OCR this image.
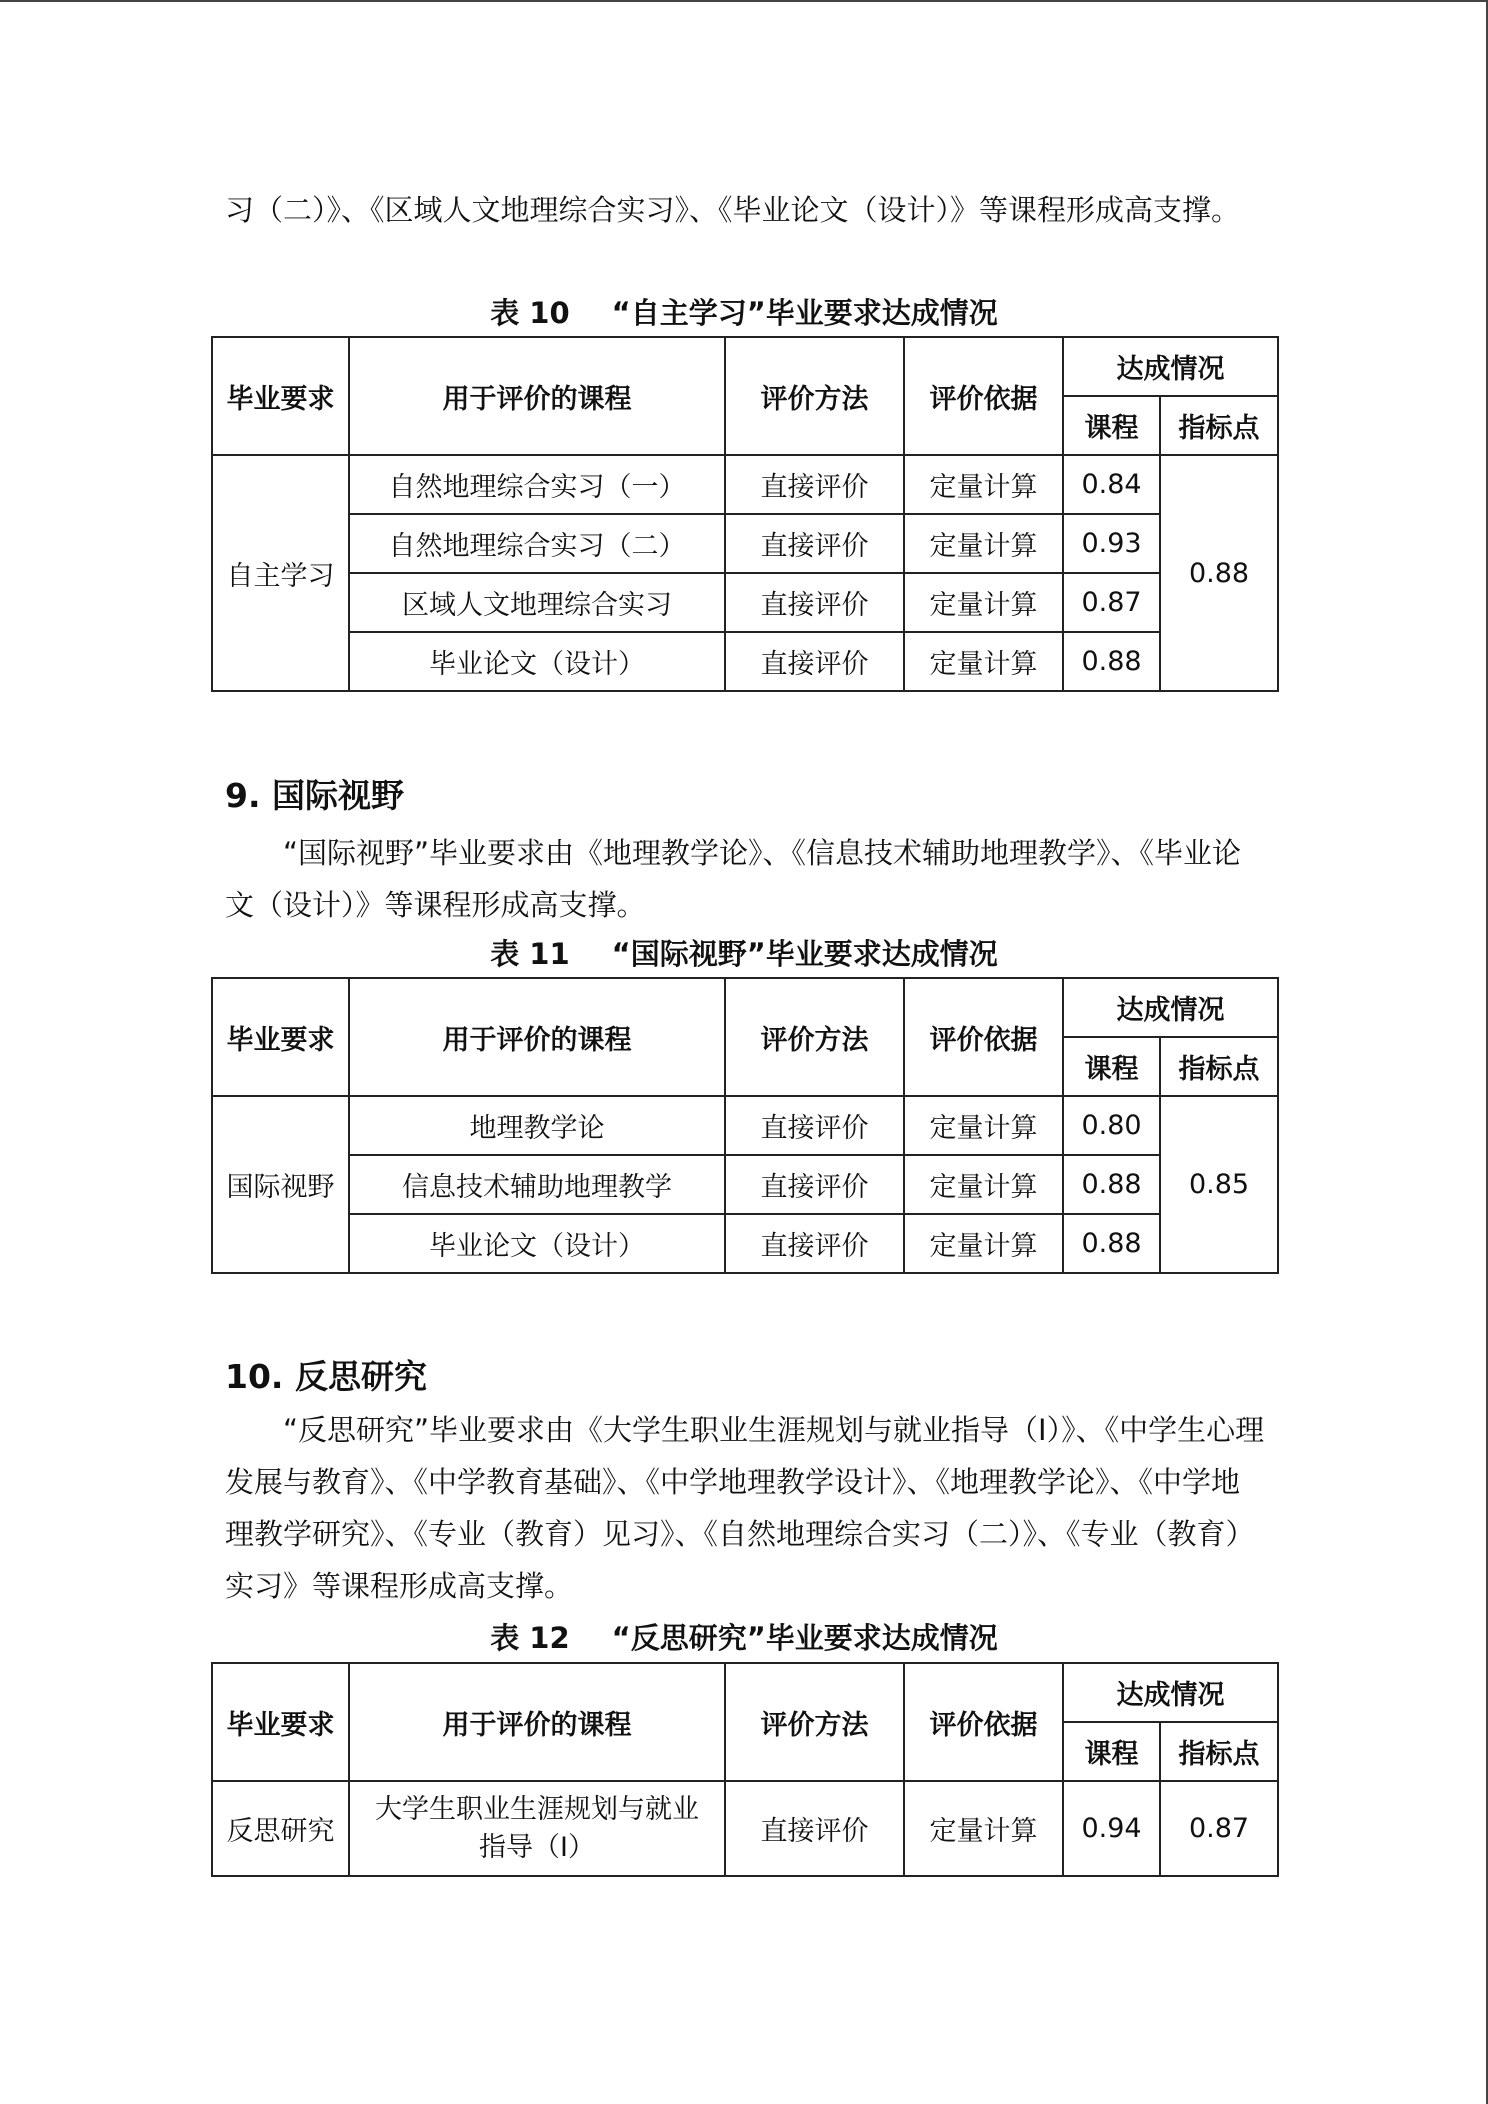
习（二）》、《区域人文地理综合实习》、《毕业论文（设计）》等课程形成高支撑。

表 10 “自主学习”毕业要求达成情况

毕业要求	用于评价的课程	评价方法	评价依据	达成情况	
				课程	指标点
自主学习	自然地理综合实习（一）	直接评价	定量计算	0.84	0.88
	自然地理综合实习（二）	直接评价	定量计算	0.93	
	区域人文地理综合实习	直接评价	定量计算	0.87	
	毕业论文（设计）	直接评价	定量计算	0.88	
9. 国际视野

“国际视野”毕业要求由《地理教学论》、《信息技术辅助地理教学》、《毕业论文（设计）》等课程形成高支撑。

表 11 “国际视野”毕业要求达成情况

毕业要求	用于评价的课程	评价方法	评价依据	达成情况	
				课程	指标点
国际视野	地理教学论	直接评价	定量计算	0.80	0.85
	信息技术辅助地理教学	直接评价	定量计算	0.88	
	毕业论文（设计）	直接评价	定量计算	0.88	
10. 反思研究

“反思研究”毕业要求由《大学生职业生涯规划与就业指导（I）》、《中学生心理发展与教育》、《中学教育基础》、《中学地理教学设计》、《地理教学论》、《中学地理教学研究》、《专业（教育）见习》、《自然地理综合实习（二）》、《专业（教育）实习》等课程形成高支撑。

表 12 “反思研究”毕业要求达成情况

毕业要求	用于评价的课程	评价方法	评价依据	达成情况	
				课程	指标点
反思研究	大学生职业生涯规划与就业
指导（I）	直接评价	定量计算	0.94	0.87
